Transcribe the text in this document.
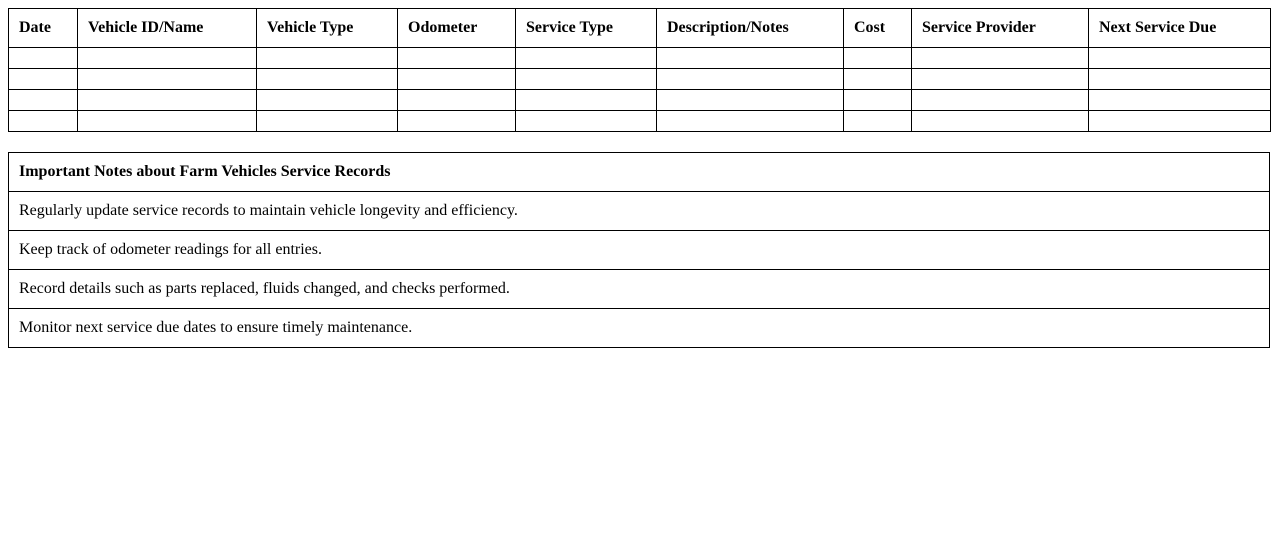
Date	Vehicle ID/Name	Vehicle Type	Odometer	Service Type	Description/Notes	Cost	Service Provider	Next Service Due

Important Notes about Farm Vehicles Service Records
Regularly update service records to maintain vehicle longevity and efficiency.
Keep track of odometer readings for all entries.
Record details such as parts replaced, fluids changed, and checks performed.
Monitor next service due dates to ensure timely maintenance.
